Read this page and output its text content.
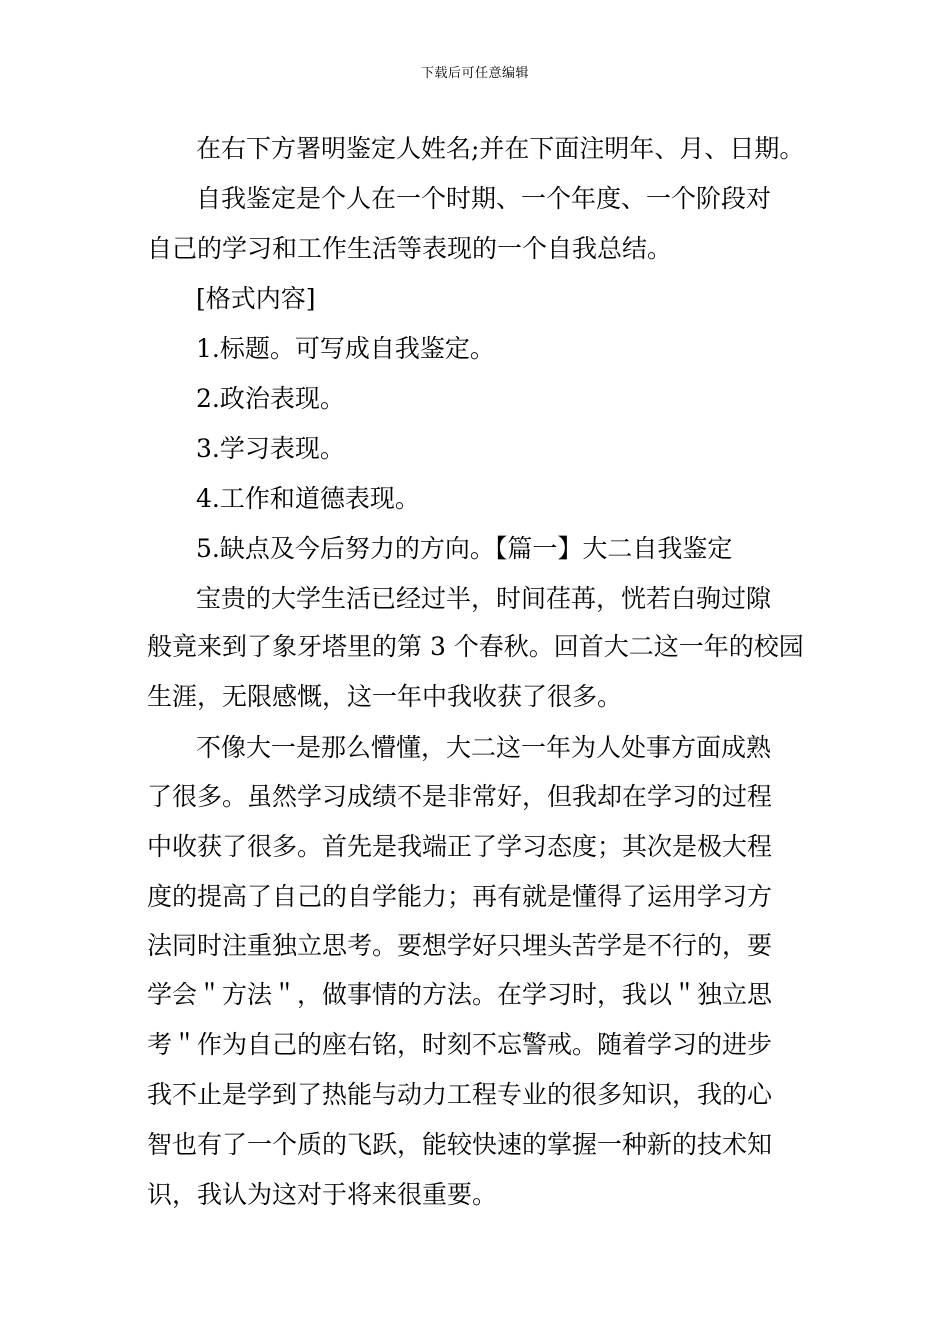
下载后可任意编辑
在右下方署明鉴定人姓名;并在下面注明年、月、日期。
自我鉴定是个人在一个时期、一个年度、一个阶段对
自己的学习和工作生活等表现的一个自我总结。
[格式内容]
1.标题。可写成自我鉴定。
2.政治表现。
3.学习表现。
4.工作和道德表现。
5.缺点及今后努力的方向。【篇一】大二自我鉴定
宝贵的大学生活已经过半，时间荏苒，恍若白驹过隙
般竟来到了象牙塔里的第 3 个春秋。回首大二这一年的校园
生涯，无限感慨，这一年中我收获了很多。
不像大一是那么懵懂，大二这一年为人处事方面成熟
了很多。虽然学习成绩不是非常好，但我却在学习的过程
中收获了很多。首先是我端正了学习态度；其次是极大程
度的提高了自己的自学能力；再有就是懂得了运用学习方
法同时注重独立思考。要想学好只埋头苦学是不行的，要
学会＂方法＂，做事情的方法。在学习时，我以＂独立思
考＂作为自己的座右铭，时刻不忘警戒。随着学习的进步
我不止是学到了热能与动力工程专业的很多知识，我的心
智也有了一个质的飞跃，能较快速的掌握一种新的技术知
识，我认为这对于将来很重要。
